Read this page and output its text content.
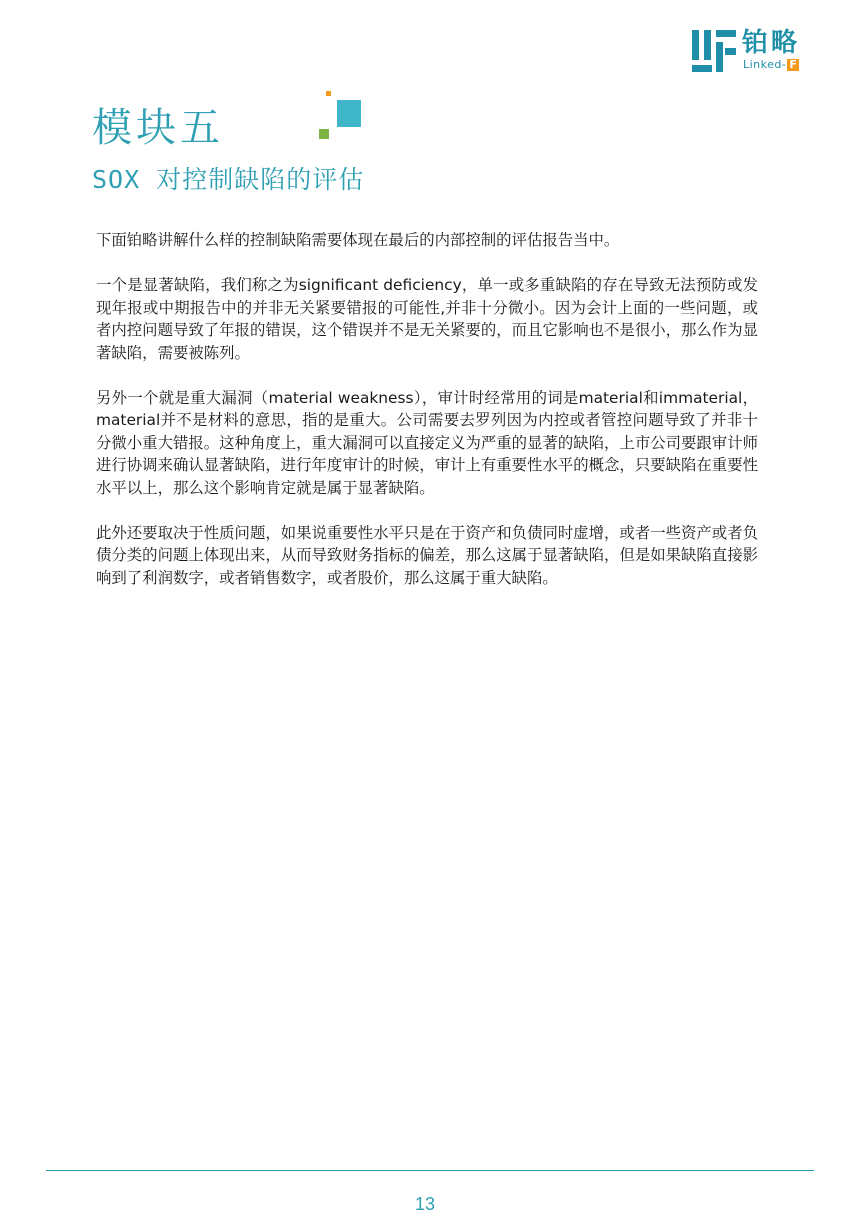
铂略
Linked- F
模块五
SOX 对控制缺陷的评估

下面铂略讲解什么样的控制缺陷需要体现在最后的内部控制的评估报告当中。

一个是显著缺陷，我们称之为significant deficiency，单一或多重缺陷的存在导致无法预防或发现年报或中期报告中的并非无关紧要错报的可能性,并非十分微小。因为会计上面的一些问题，或者内控问题导致了年报的错误，这个错误并不是无关紧要的，而且它影响也不是很小，那么作为显著缺陷，需要被陈列。

另外一个就是重大漏洞（material weakness），审计时经常用的词是material和immaterial，material并不是材料的意思，指的是重大。公司需要去罗列因为内控或者管控问题导致了并非十分微小重大错报。这种角度上，重大漏洞可以直接定义为严重的显著的缺陷，上市公司要跟审计师进行协调来确认显著缺陷，进行年度审计的时候，审计上有重要性水平的概念，只要缺陷在重要性水平以上，那么这个影响肯定就是属于显著缺陷。

此外还要取决于性质问题，如果说重要性水平只是在于资产和负债同时虚增，或者一些资产或者负债分类的问题上体现出来，从而导致财务指标的偏差，那么这属于显著缺陷，但是如果缺陷直接影响到了利润数字，或者销售数字，或者股价，那么这属于重大缺陷。

13
